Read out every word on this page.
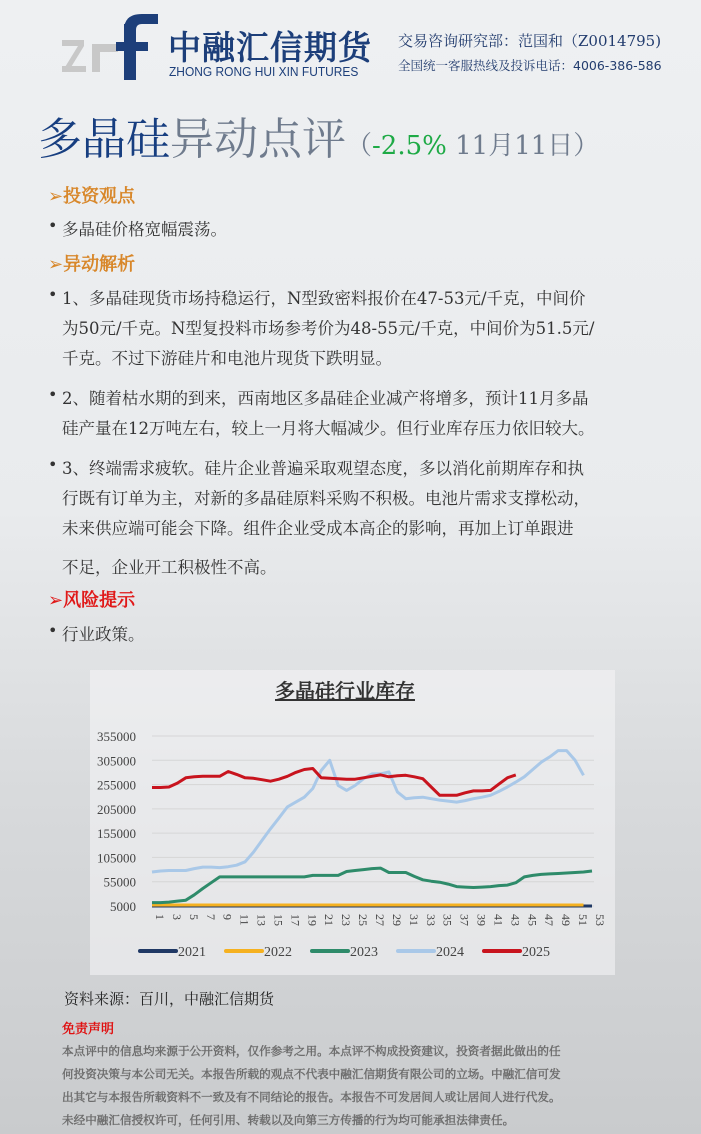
中融汇信期货
ZHONG RONG HUI XIN FUTURES
交易咨询研究部：范国和（Z0014795)
全国统一客服热线及投诉电话：4006-386-586
多晶硅异动点评（-2.5% 11月11日）
➢投资观点
• 多晶硅价格宽幅震荡。
➢异动解析
• 1、多晶硅现货市场持稳运行，N型致密料报价在47-53元/千克，中间价
为50元/千克。N型复投料市场参考价为48-55元/千克，中间价为51.5元/
千克。不过下游硅片和电池片现货下跌明显。
• 2、随着枯水期的到来，西南地区多晶硅企业减产将增多，预计11月多晶
硅产量在12万吨左右，较上一月将大幅减少。但行业库存压力依旧较大。
• 3、终端需求疲软。硅片企业普遍采取观望态度，多以消化前期库存和执
行既有订单为主，对新的多晶硅原料采购不积极。电池片需求支撑松动，
未来供应端可能会下降。组件企业受成本高企的影响，再加上订单跟进
不足，企业开工积极性不高。
➢风险提示
• 行业政策。
多晶硅行业库存
5000
55000
105000
155000
205000
255000
305000
355000
1 3 5 7 9 11 13 15 17 19 21 23 25 27 29 31 33 35 37 39 41 43 45 47 49 51 53
2021	2022	2023	2024	2025
资料来源：百川，中融汇信期货
免责声明
本点评中的信息均来源于公开资料，仅作参考之用。本点评不构成投资建议，投资者据此做出的任
何投资决策与本公司无关。本报告所载的观点不代表中融汇信期货有限公司的立场。中融汇信可发
出其它与本报告所载资料不一致及有不同结论的报告。本报告不可发居间人或让居间人进行代发。
未经中融汇信授权许可，任何引用、转载以及向第三方传播的行为均可能承担法律责任。
